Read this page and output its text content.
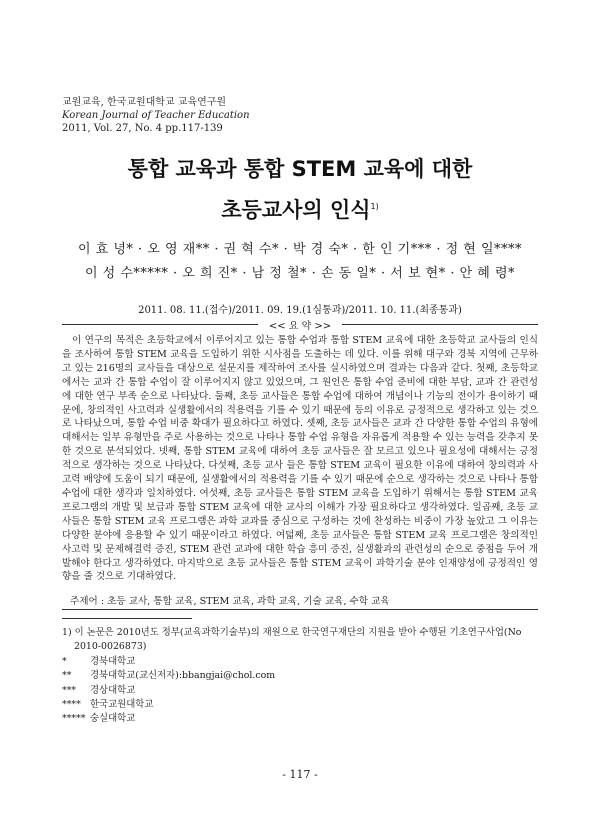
교원교육, 한국교원대학교 교육연구원
Korean Journal of Teacher Education
2011, Vol. 27, No. 4 pp.117-139
통합 교육과 통합 STEM 교육에 대한
초등교사의 인식$^{1)}$
이 효 녕* · 오 영 재** · 권 혁 수* · 박 경 숙* · 한 인 기*** · 정 현 일****
이 성 수***** · 오 희 진* · 남 정 철* · 손 동 일* · 서 보 현* · 안 혜 령*
2011. 08. 11.(접수)/2011. 09. 19.(1심통과)/2011. 10. 11.(최종통과)
<< 요 약 >>

이 연구의 목적은 초등학교에서 이루어지고 있는 통합 수업과 통합 STEM 교육에 대한 초등학교 교사들의 인식을 조사하여 통합 STEM 교육을 도입하기 위한 시사점을 도출하는 데 있다. 이를 위해 대구와 경북 지역에 근무하고 있는 216명의 교사들을 대상으로 설문지를 제작하여 조사를 실시하였으며 결과는 다음과 같다. 첫째, 초등학교에서는 교과 간 통합 수업이 잘 이루어지지 않고 있었으며, 그 원인은 통합 수업 준비에 대한 부담, 교과 간 관련성에 대한 연구 부족 순으로 나타났다. 둘째, 초등 교사들은 통합 수업에 대하여 개념이나 기능의 전이가 용이하기 때문에, 창의적인 사고력과 실생활에서의 적용력을 기를 수 있기 때문에 등의 이유로 긍정적으로 생각하고 있는 것으로 나타났으며, 통합 수업 비중 확대가 필요하다고 하였다. 셋째, 초등 교사들은 교과 간 다양한 통합 수업의 유형에 대해서는 일부 유형만을 주로 사용하는 것으로 나타나 통합 수업 유형을 자유롭게 적용할 수 있는 능력을 갖추지 못한 것으로 분석되었다. 넷째, 통합 STEM 교육에 대하여 초등 교사들은 잘 모르고 있으나 필요성에 대해서는 긍정적으로 생각하는 것으로 나타났다. 다섯째, 초등 교사 들은 통합 STEM 교육이 필요한 이유에 대하여 창의력과 사고력 배양에 도움이 되기 때문에, 실생활에서의 적용력을 기를 수 있기 때문에 순으로 생각하는 것으로 나타나 통합 수업에 대한 생각과 일치하였다. 여섯째, 초등 교사들은 통합 STEM 교육을 도입하기 위해서는 통합 STEM 교육 프로그램의 개발 및 보급과 통합 STEM 교육에 대한 교사의 이해가 가장 필요하다고 생각하였다. 일곱째, 초등 교사들은 통합 STEM 교육 프로그램은 과학 교과를 중심으로 구성하는 것에 찬성하는 비중이 가장 높았고 그 이유는 다양한 분야에 응용할 수 있기 때문이라고 하였다. 여덟째, 초등 교사들은 통합 STEM 교육 프로그램은 창의적인 사고력 및 문제해결력 증진, STEM 관련 교과에 대한 학습 흥미 증진, 실생활과의 관련성의 순으로 중점을 두어 개발해야 한다고 생각하였다. 마지막으로 초등 교사들은 통합 STEM 교육이 과학기술 분야 인재양성에 긍정적인 영향을 줄 것으로 기대하였다.

주제어 : 초등 교사, 통합 교육, STEM 교육, 과학 교육, 기술 교육, 수학 교육
1) 이 논문은 2010년도 정부(교육과학기술부)의 재원으로 한국연구재단의 지원을 받아 수행된 기초연구사업(No 2010-0026873)
* 경북대학교
** 경북대학교(교신저자):bbangjai@chol.com
*** 경상대학교
**** 한국교원대학교
***** 숭실대학교
- 117 -
